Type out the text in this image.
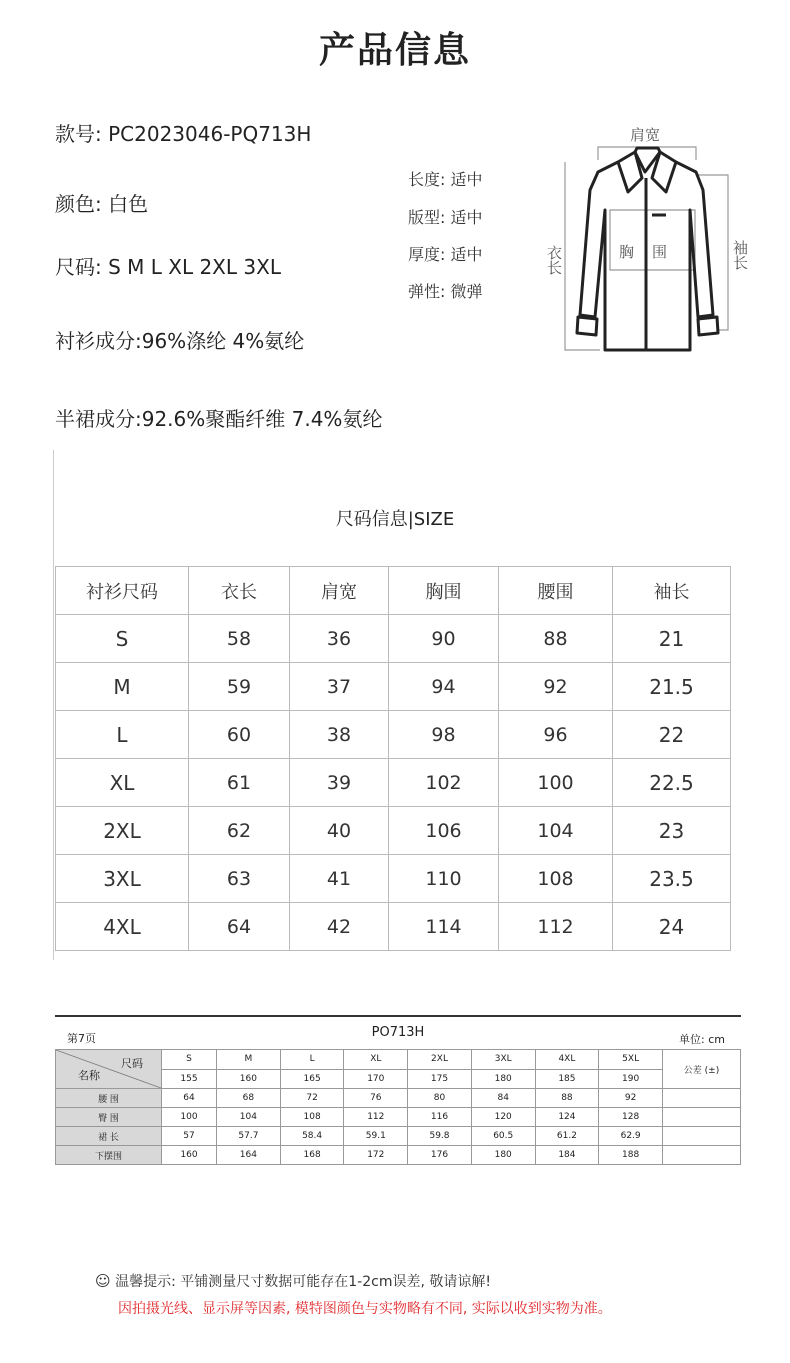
产品信息
款号: PC2023046-PQ713H
颜色: 白色
尺码: S M L XL 2XL 3XL
衬衫成分:96%涤纶 4%氨纶
半裙成分:92.6%聚酯纤维 7.4%氨纶
长度: 适中
版型: 适中
厚度: 适中
弹性: 微弹
肩宽
衣长	胸围	袖长
尺码信息|SIZE
衬衫尺码	衣长	肩宽	胸围	腰围	袖长
S	58	36	90	88	21
M	59	37	94	92	21.5
L	60	38	98	96	22
XL	61	39	102	100	22.5
2XL	62	40	106	104	23
3XL	63	41	110	108	23.5
4XL	64	42	114	112	24
第7页	PO713H	单位: cm
尺码
名称	S	M	L	XL	2XL	3XL	4XL	5XL	公差 (±)
	155	160	165	170	175	180	185	190	
腰 围	64	68	72	76	80	84	88	92	
臀 围	100	104	108	112	116	120	124	128	
裙 长	57	57.7	58.4	59.1	59.8	60.5	61.2	62.9	
下摆围	160	164	168	172	176	180	184	188	
☺ 温馨提示: 平铺测量尺寸数据可能存在1-2cm误差, 敬请谅解!
因拍摄光线、显示屏等因素, 模特图颜色与实物略有不同, 实际以收到实物为准。
